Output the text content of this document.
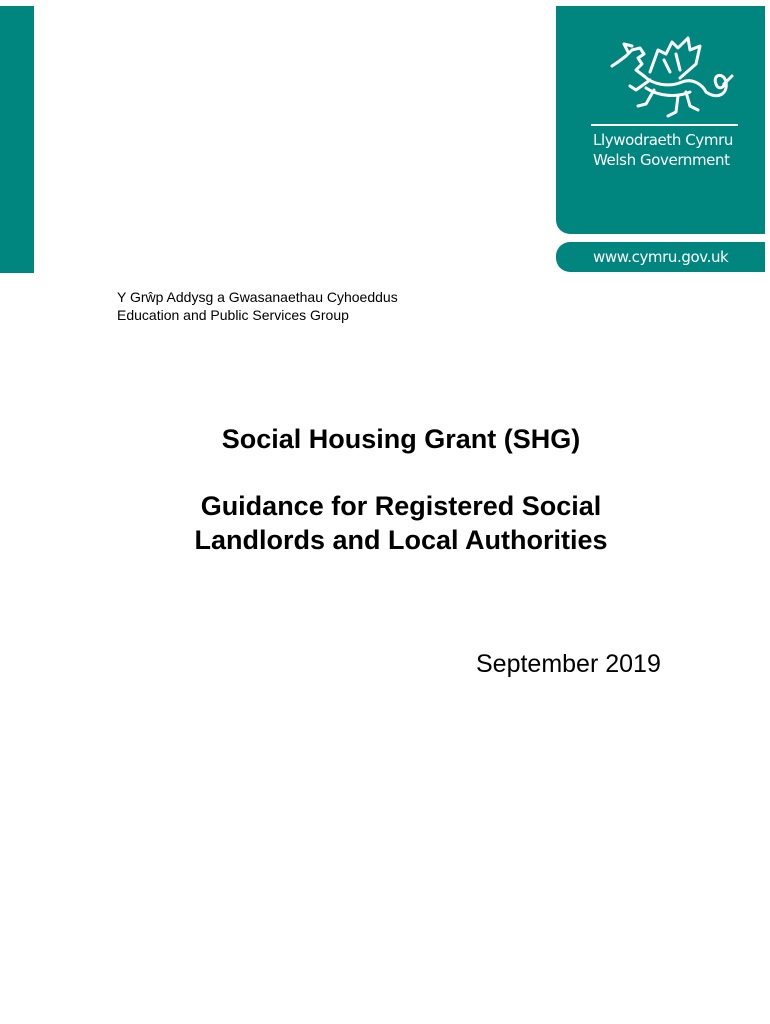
Llywodraeth Cymru
Welsh Government
www.cymru.gov.uk
Y Grŵp Addysg a Gwasanaethau Cyhoeddus
Education and Public Services Group
Social Housing Grant (SHG)
Guidance for Registered Social
Landlords and Local Authorities
September 2019
